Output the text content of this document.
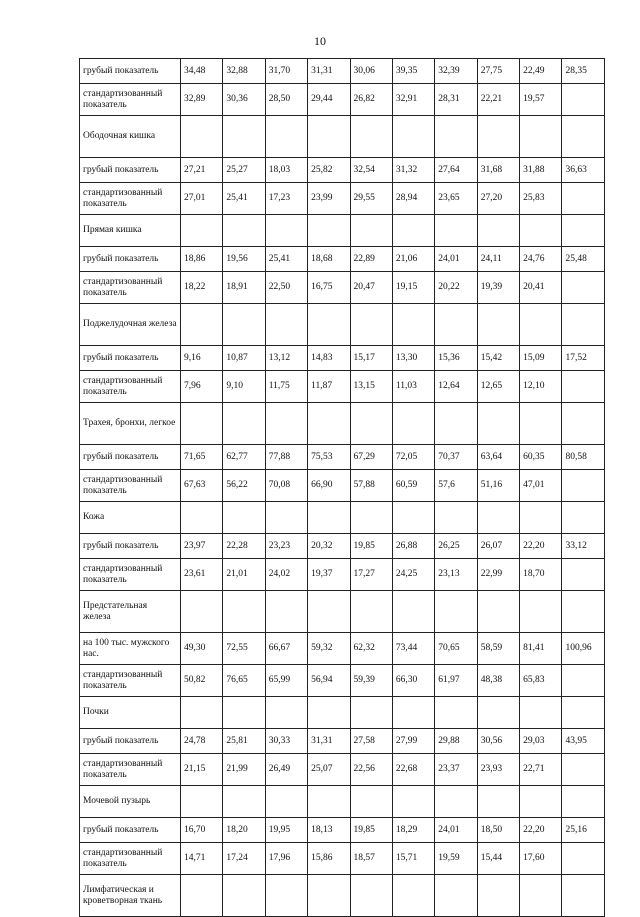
10
грубый показатель	34,48	32,88	31,70	31,31	30,06	39,35	32,39	27,75	22,49	28,35
стандартизованный показатель	32,89	30,36	28,50	29,44	26,82	32,91	28,31	22,21	19,57	
Ободочная кишка										
грубый показатель	27,21	25,27	18,03	25,82	32,54	31,32	27,64	31,68	31,88	36,63
стандартизованный показатель	27,01	25,41	17,23	23,99	29,55	28,94	23,65	27,20	25,83	
Прямая кишка										
грубый показатель	18,86	19,56	25,41	18,68	22,89	21,06	24,01	24,11	24,76	25,48
стандартизованный показатель	18,22	18,91	22,50	16,75	20,47	19,15	20,22	19,39	20,41	
Поджелудочная железа										
грубый показатель	9,16	10,87	13,12	14,83	15,17	13,30	15,36	15,42	15,09	17,52
стандартизованный показатель	7,96	9,10	11,75	11,87	13,15	11,03	12,64	12,65	12,10	
Трахея, бронхи, легкое										
грубый показатель	71,65	62,77	77,88	75,53	67,29	72,05	70,37	63,64	60,35	80,58
стандартизованный показатель	67,63	56,22	70,08	66,90	57,88	60,59	57,6	51,16	47,01	
Кожа										
грубый показатель	23,97	22,28	23,23	20,32	19,85	26,88	26,25	26,07	22,20	33,12
стандартизованный показатель	23,61	21,01	24,02	19,37	17,27	24,25	23,13	22,99	18,70	
Предстательная железа										
на 100 тыс. мужского нас.	49,30	72,55	66,67	59,32	62,32	73,44	70,65	58,59	81,41	100,96
стандартизованный показатель	50,82	76,65	65,99	56,94	59,39	66,30	61,97	48,38	65,83	
Почки										
грубый показатель	24,78	25,81	30,33	31,31	27,58	27,99	29,88	30,56	29,03	43,95
стандартизованный показатель	21,15	21,99	26,49	25,07	22,56	22,68	23,37	23,93	22,71	
Мочевой пузырь										
грубый показатель	16,70	18,20	19,95	18,13	19,85	18,29	24,01	18,50	22,20	25,16
стандартизованный показатель	14,71	17,24	17,96	15,86	18,57	15,71	19,59	15,44	17,60	
Лимфатическая и кроветворная ткань										
